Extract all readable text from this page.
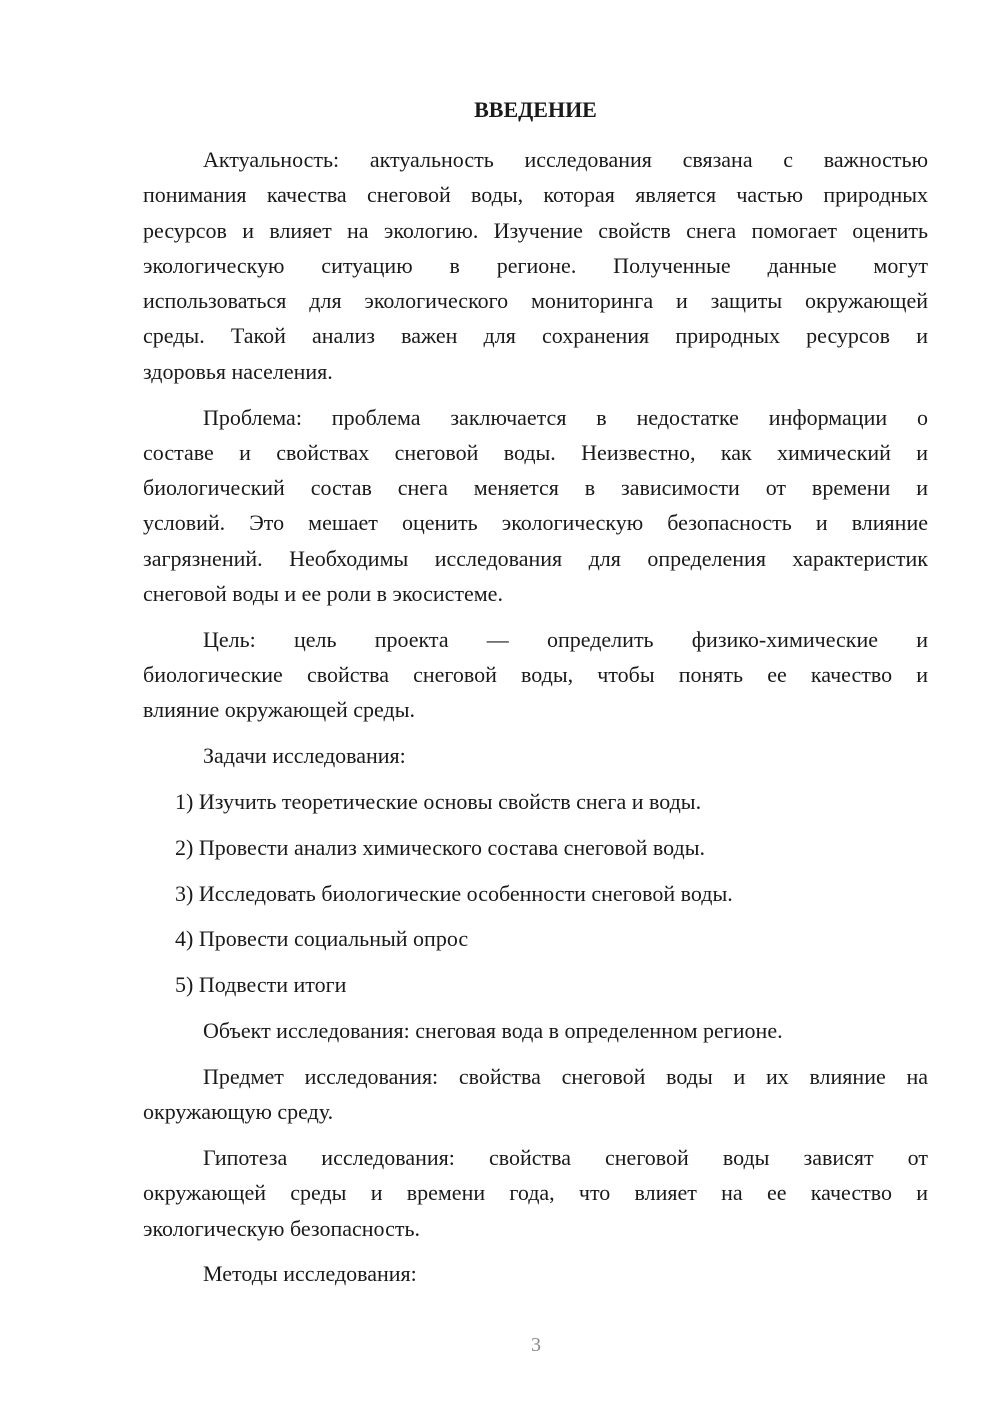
ВВЕДЕНИЕ
Актуальность: актуальность исследования связана с важностью
понимания качества снеговой воды, которая является частью природных
ресурсов и влияет на экологию. Изучение свойств снега помогает оценить
экологическую ситуацию в регионе. Полученные данные могут
использоваться для экологического мониторинга и защиты окружающей
среды. Такой анализ важен для сохранения природных ресурсов и
здоровья населения.
Проблема: проблема заключается в недостатке информации о
составе и свойствах снеговой воды. Неизвестно, как химический и
биологический состав снега меняется в зависимости от времени и
условий. Это мешает оценить экологическую безопасность и влияние
загрязнений. Необходимы исследования для определения характеристик
снеговой воды и ее роли в экосистеме.
Цель: цель проекта — определить физико-химические и
биологические свойства снеговой воды, чтобы понять ее качество и
влияние окружающей среды.
Задачи исследования:
1) Изучить теоретические основы свойств снега и воды.
2) Провести анализ химического состава снеговой воды.
3) Исследовать биологические особенности снеговой воды.
4) Провести социальный опрос
5) Подвести итоги
Объект исследования: снеговая вода в определенном регионе.
Предмет исследования: свойства снеговой воды и их влияние на
окружающую среду.
Гипотеза исследования: свойства снеговой воды зависят от
окружающей среды и времени года, что влияет на ее качество и
экологическую безопасность.
Методы исследования:
3
